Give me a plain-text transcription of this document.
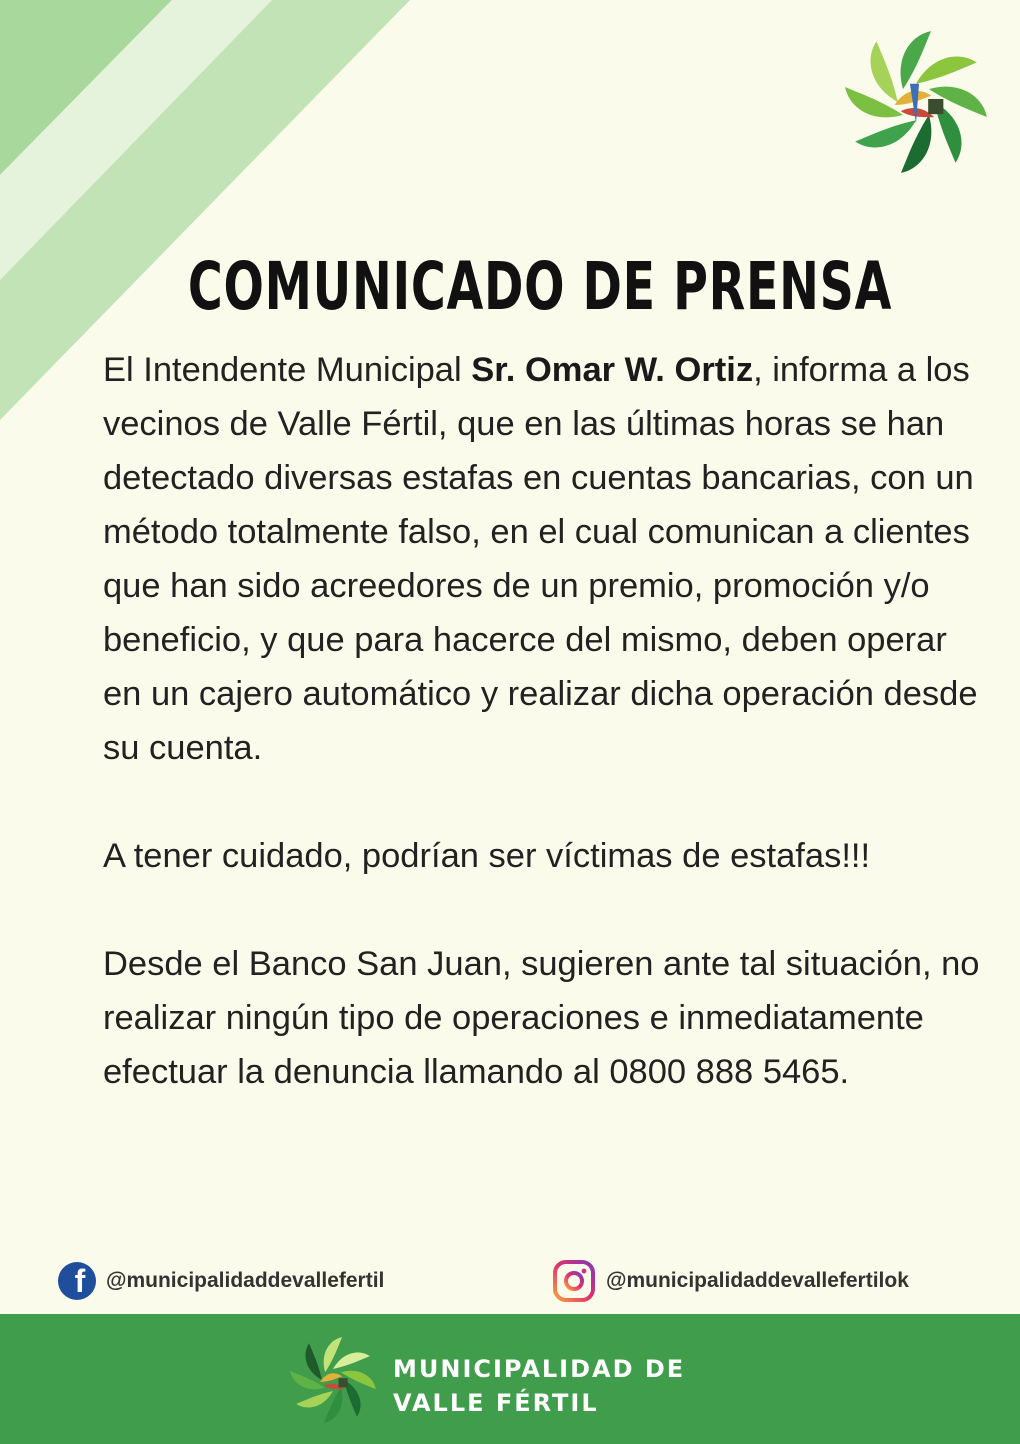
COMUNICADO DE PRENSA

El Intendente Municipal Sr. Omar W. Ortiz, informa a los vecinos de Valle Fértil, que en las últimas horas se han detectado diversas estafas en cuentas bancarias, con un método totalmente falso, en el cual comunican a clientes que han sido acreedores de un premio, promoción y/o beneficio, y que para hacerce del mismo, deben operar en un cajero automático y realizar dicha operación desde su cuenta.

A tener cuidado, podrían ser víctimas de estafas!!!

Desde el Banco San Juan, sugieren ante tal situación, no realizar ningún tipo de operaciones e inmediatamente efectuar la denuncia llamando al 0800 888 5465.

f @municipalidaddevallefertil	@municipalidaddevallefertilok
MUNICIPALIDAD DE
VALLE FÉRTIL
